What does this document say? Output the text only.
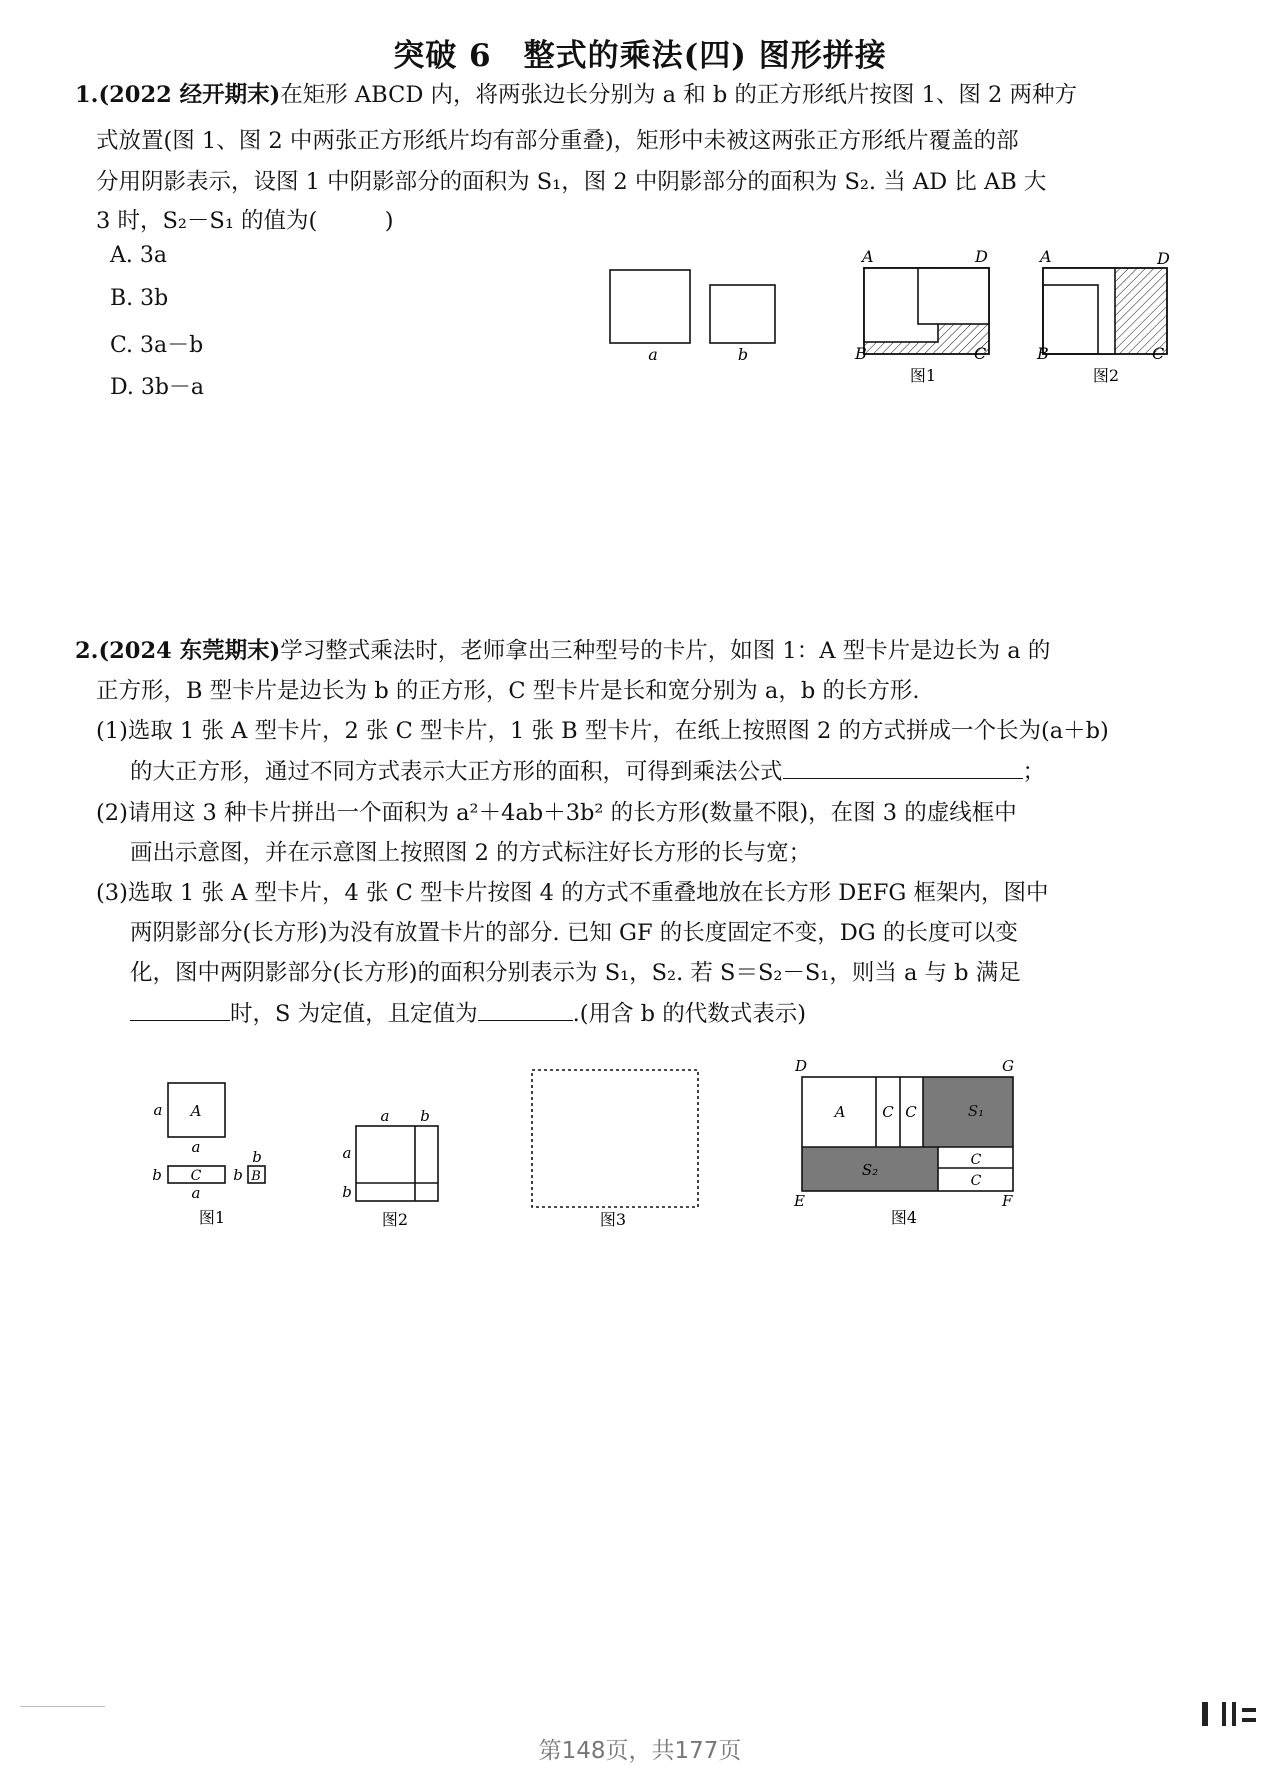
突破 6　整式的乘法(四) 图形拼接
1.(2022 经开期末)在矩形 ABCD 内，将两张边长分别为 a 和 b 的正方形纸片按图 1、图 2 两种方
式放置(图 1、图 2 中两张正方形纸片均有部分重叠)，矩形中未被这两张正方形纸片覆盖的部
分用阴影表示，设图 1 中阴影部分的面积为 S₁，图 2 中阴影部分的面积为 S₂. 当 AD 比 AB 大
3 时，S₂－S₁ 的值为(　　　)
A. 3a
B. 3b
C. 3a－b
D. 3b－a
a	b
A	D
B	C
图1
A	D
B	C
图2
2.(2024 东莞期末)学习整式乘法时，老师拿出三种型号的卡片，如图 1：A 型卡片是边长为 a 的
正方形，B 型卡片是边长为 b 的正方形，C 型卡片是长和宽分别为 a，b 的长方形.
(1)选取 1 张 A 型卡片，2 张 C 型卡片，1 张 B 型卡片，在纸上按照图 2 的方式拼成一个长为(a＋b)
的大正方形，通过不同方式表示大正方形的面积，可得到乘法公式	；
(2)请用这 3 种卡片拼出一个面积为 a²＋4ab＋3b² 的长方形(数量不限)，在图 3 的虚线框中
画出示意图，并在示意图上按照图 2 的方式标注好长方形的长与宽；
(3)选取 1 张 A 型卡片，4 张 C 型卡片按图 4 的方式不重叠地放在长方形 DEFG 框架内，图中
两阴影部分(长方形)为没有放置卡片的部分. 已知 GF 的长度固定不变，DG 的长度可以变
化，图中两阴影部分(长方形)的面积分别表示为 S₁，S₂. 若 S＝S₂－S₁，则当 a 与 b 满足
时，S 为定值，且定值为	.(用含 b 的代数式表示)
A
a
a
C
b
a
B
b
b
图1
a b
a
b
图2	图3
A C C	S₁
S₂
C
C
D	G
E	F
图4
第148页，共177页
